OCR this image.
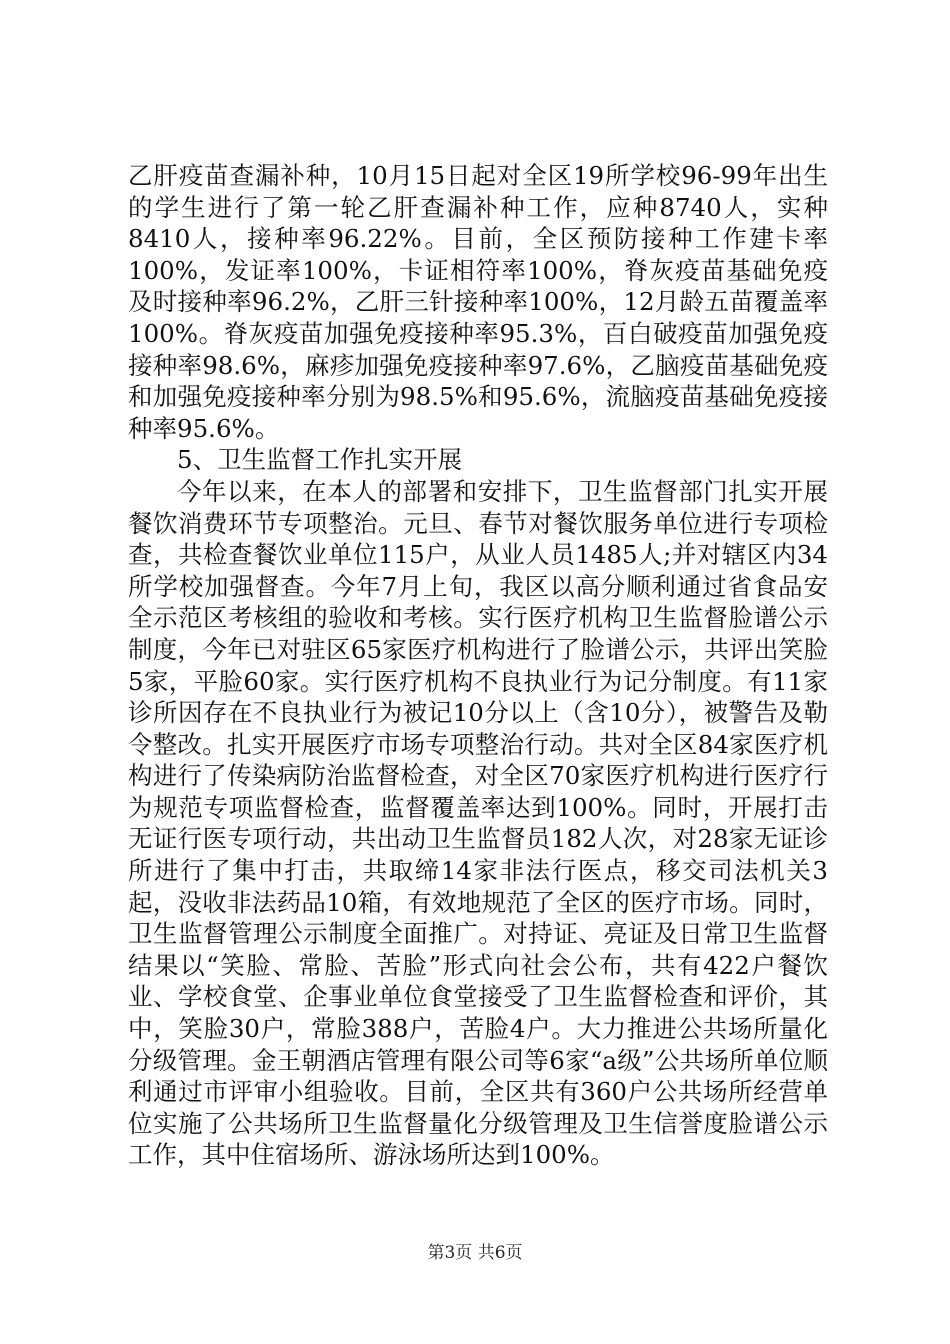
乙肝疫苗查漏补种，10月15日起对全区19所学校96-99年出生的学生进行了第一轮乙肝查漏补种工作，应种8740人，实种8410人，接种率96.22%。目前，全区预防接种工作建卡率100%，发证率100%，卡证相符率100%，脊灰疫苗基础免疫及时接种率96.2%，乙肝三针接种率100%，12月龄五苗覆盖率100%。脊灰疫苗加强免疫接种率95.3%，百白破疫苗加强免疫接种率98.6%，麻疹加强免疫接种率97.6%，乙脑疫苗基础免疫和加强免疫接种率分别为98.5%和95.6%，流脑疫苗基础免疫接种率95.6%。

5、卫生监督工作扎实开展

今年以来，在本人的部署和安排下，卫生监督部门扎实开展餐饮消费环节专项整治。元旦、春节对餐饮服务单位进行专项检查，共检查餐饮业单位115户，从业人员1485人;并对辖区内34所学校加强督查。今年7月上旬，我区以高分顺利通过省食品安全示范区考核组的验收和考核。实行医疗机构卫生监督脸谱公示制度，今年已对驻区65家医疗机构进行了脸谱公示，共评出笑脸5家，平脸60家。实行医疗机构不良执业行为记分制度。有11家诊所因存在不良执业行为被记10分以上（含10分），被警告及勒令整改。扎实开展医疗市场专项整治行动。共对全区84家医疗机构进行了传染病防治监督检查，对全区70家医疗机构进行医疗行为规范专项监督检查，监督覆盖率达到100%。同时，开展打击无证行医专项行动，共出动卫生监督员182人次，对28家无证诊所进行了集中打击，共取缔14家非法行医点，移交司法机关3起，没收非法药品10箱，有效地规范了全区的医疗市场。同时，卫生监督管理公示制度全面推广。对持证、亮证及日常卫生监督结果以“笑脸、常脸、苦脸”形式向社会公布，共有422户餐饮业、学校食堂、企事业单位食堂接受了卫生监督检查和评价，其中，笑脸30户，常脸388户，苦脸4户。大力推进公共场所量化分级管理。金王朝酒店管理有限公司等6家“a级”公共场所单位顺利通过市评审小组验收。目前，全区共有360户公共场所经营单位实施了公共场所卫生监督量化分级管理及卫生信誉度脸谱公示工作，其中住宿场所、游泳场所达到100%。

第3页 共6页
